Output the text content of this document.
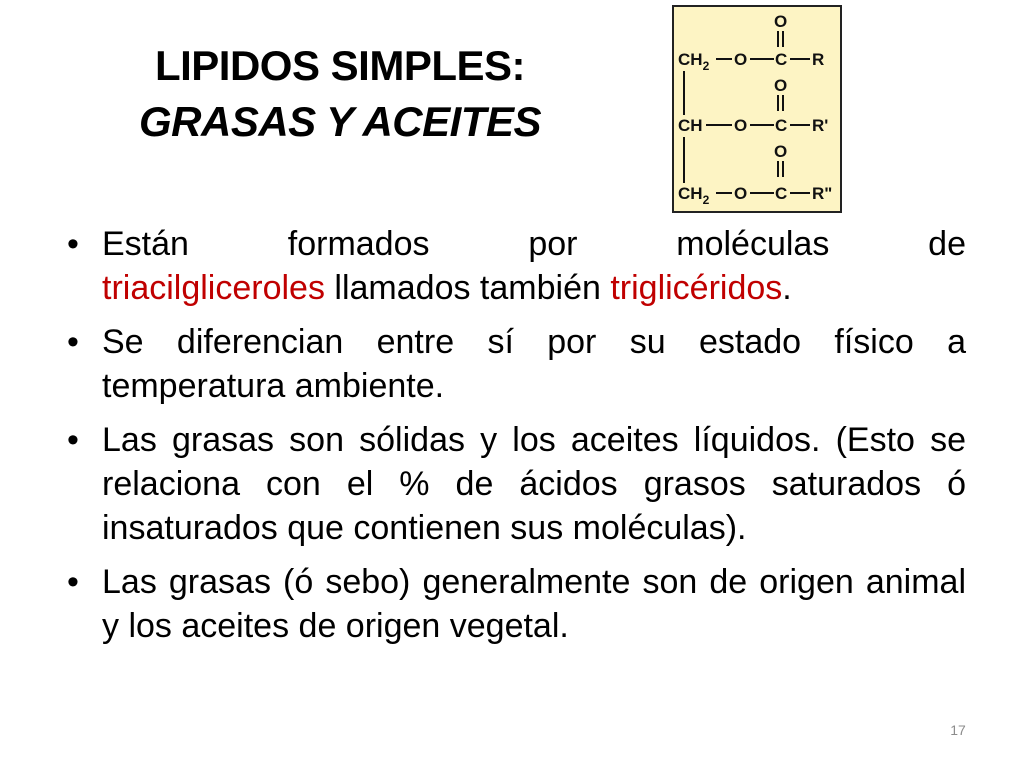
LIPIDOS SIMPLES:
GRASAS Y ACEITES
O
$CH_2$ O C R
O
CH O C R'
O
$CH_2$ O C R"
• Están	formados	por	moléculas	de
triacilgliceroles llamados también triglicéridos.
• Se diferencian entre sí por su estado físico a temperatura ambiente.
• Las grasas son sólidas y los aceites líquidos. (Esto se relaciona con el % de ácidos grasos saturados ó insaturados que contienen sus moléculas).
• Las grasas (ó sebo) generalmente son de origen animal y los aceites de origen vegetal.
17
